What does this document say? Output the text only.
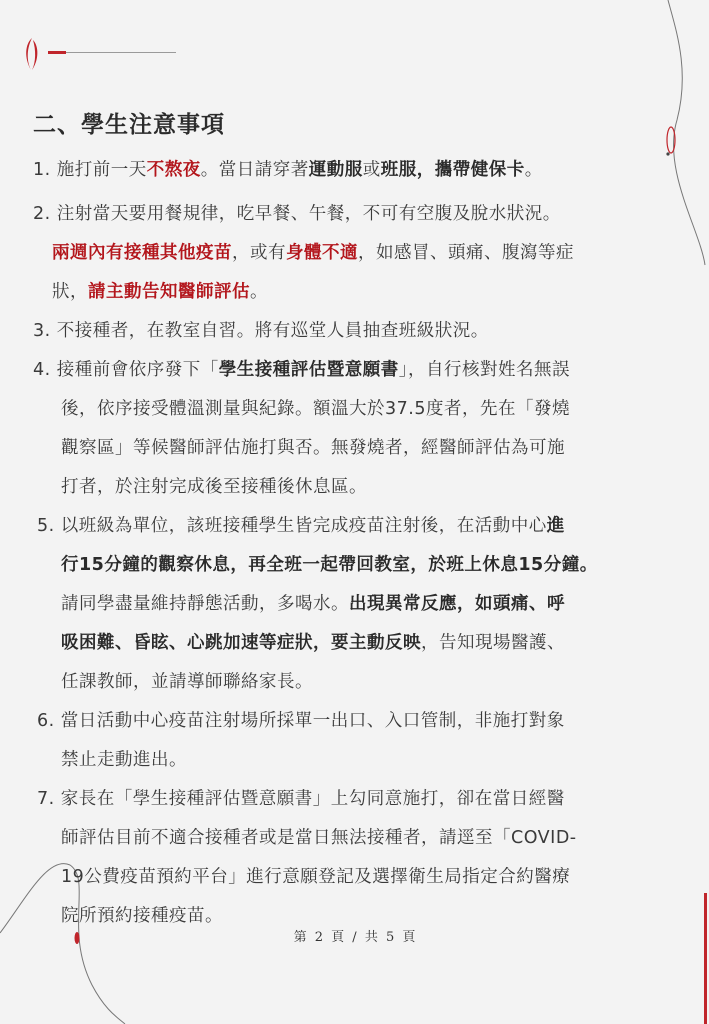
二、學生注意事項
1. 施打前一天不熬夜。當日請穿著運動服或班服，攜帶健保卡。
2. 注射當天要用餐規律，吃早餐、午餐，不可有空腹及脫水狀況。
兩週內有接種其他疫苗，或有身體不適，如感冒、頭痛、腹瀉等症
狀，請主動告知醫師評估。
3. 不接種者，在教室自習。將有巡堂人員抽查班級狀況。
4. 接種前會依序發下「學生接種評估暨意願書」，自行核對姓名無誤
後，依序接受體溫測量與紀錄。額溫大於37.5度者，先在「發燒
觀察區」等候醫師評估施打與否。無發燒者，經醫師評估為可施
打者，於注射完成後至接種後休息區。
5. 以班級為單位，該班接種學生皆完成疫苗注射後，在活動中心進
行15分鐘的觀察休息，再全班一起帶回教室，於班上休息15分鐘。
請同學盡量維持靜態活動，多喝水。出現異常反應，如頭痛、呼
吸困難、昏眩、心跳加速等症狀，要主動反映，告知現場醫護、
任課教師，並請導師聯絡家長。
6. 當日活動中心疫苗注射場所採單一出口、入口管制，非施打對象
禁止走動進出。
7. 家長在「學生接種評估暨意願書」上勾同意施打，卻在當日經醫
師評估目前不適合接種者或是當日無法接種者，請逕至「COVID-
19公費疫苗預約平台」進行意願登記及選擇衛生局指定合約醫療
院所預約接種疫苗。
第 2 頁 / 共 5 頁
